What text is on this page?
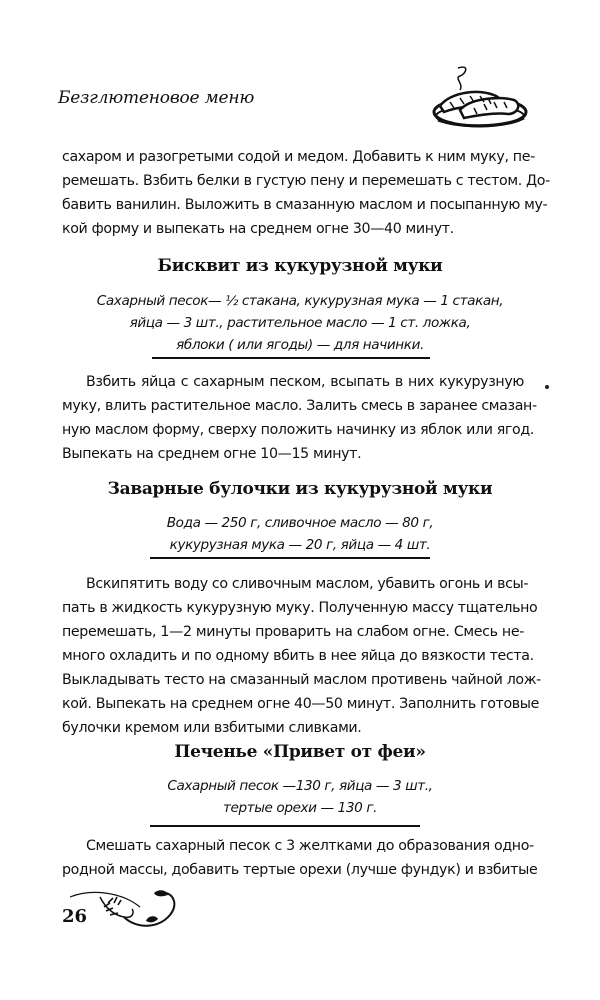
Безглютеновое меню
сахаром и разогретыми содой и медом. Добавить к ним муку, пе-
ремешать. Взбить белки в густую пену и перемешать с тестом. До-
бавить ванилин. Выложить в смазанную маслом и посыпанную му-
кой форму и выпекать на среднем огне 30—40 минут.
Бисквит из кукурузной муки
Сахарный песок— ½ стакана, кукурузная мука — 1 стакан,
яйца — 3 шт., растительное масло — 1 ст. ложка,
яблоки ( или ягоды) — для начинки.
Взбить яйца с сахарным песком, всыпать в них кукурузную
муку, влить растительное масло. Залить смесь в заранее смазан-
ную маслом форму, сверху положить начинку из яблок или ягод.
Выпекать на среднем огне 10—15 минут.
Заварные булочки из кукурузной муки
Вода — 250 г, сливочное масло — 80 г,
кукурузная мука — 20 г, яйца — 4 шт.
Вскипятить воду со сливочным маслом, убавить огонь и всы-
пать в жидкость кукурузную муку. Полученную массу тщательно
перемешать, 1—2 минуты проварить на слабом огне. Смесь не-
много охладить и по одному вбить в нее яйца до вязкости теста.
Выкладывать тесто на смазанный маслом противень чайной лож-
кой. Выпекать на среднем огне 40—50 минут. Заполнить готовые
булочки кремом или взбитыми сливками.
Печенье «Привет от феи»
Сахарный песок —130 г, яйца — 3 шт.,
тертые орехи — 130 г.
Смешать сахарный песок с 3 желтками до образования одно-
родной массы, добавить тертые орехи (лучше фундук) и взбитые
26
